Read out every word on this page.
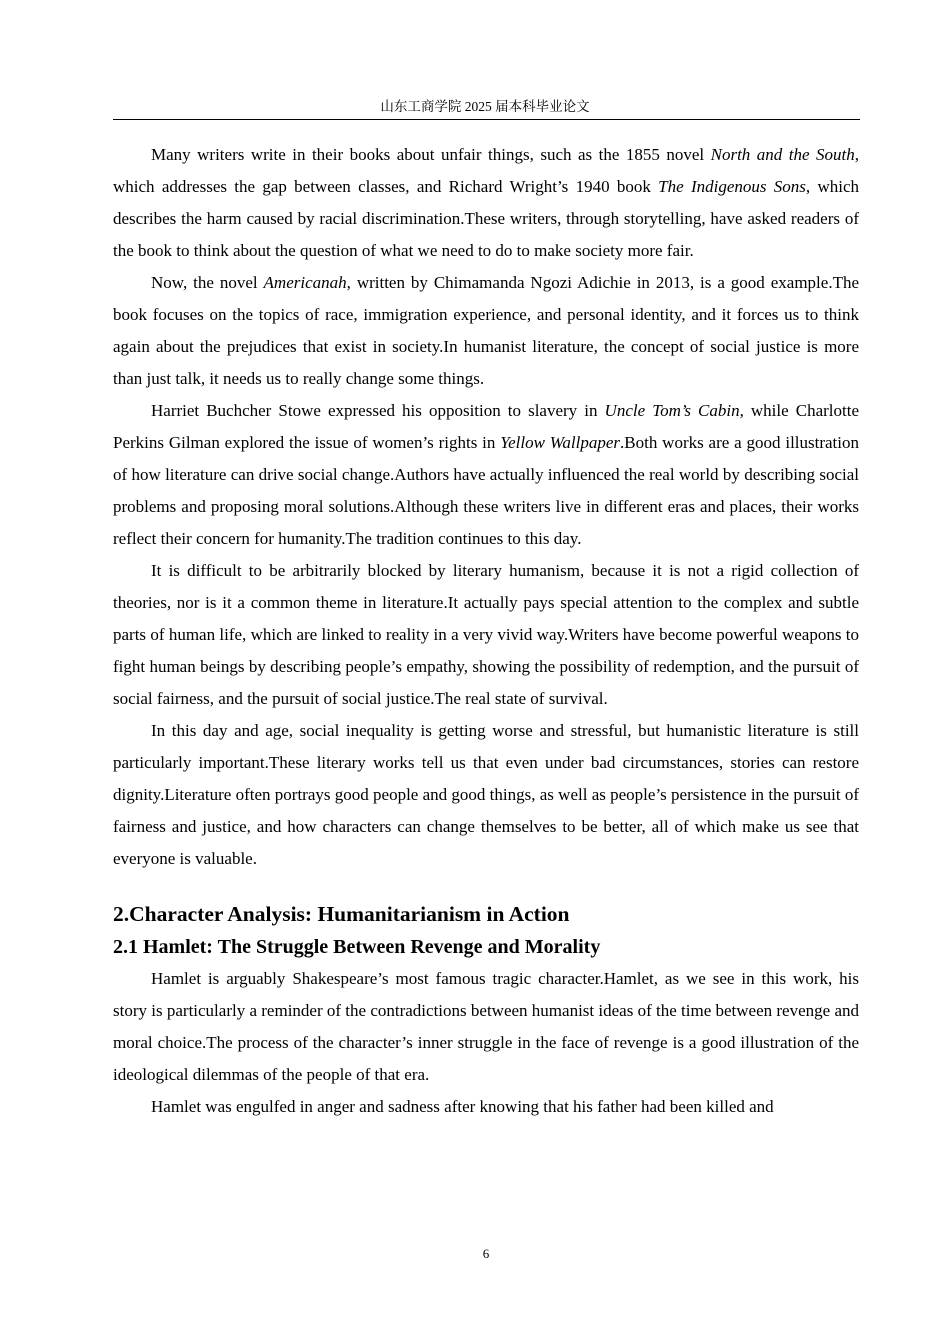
山东工商学院 2025 届本科毕业论文

Many writers write in their books about unfair things, such as the 1855 novel North and the South, which addresses the gap between classes, and Richard Wright’s 1940 book The Indigenous Sons, which describes the harm caused by racial discrimination.These writers, through storytelling, have asked readers of the book to think about the question of what we need to do to make society more fair.

Now, the novel Americanah, written by Chimamanda Ngozi Adichie in 2013, is a good example.The book focuses on the topics of race, immigration experience, and personal identity, and it forces us to think again about the prejudices that exist in society.In humanist literature, the concept of social justice is more than just talk, it needs us to really change some things.

Harriet Buchcher Stowe expressed his opposition to slavery in Uncle Tom’s Cabin, while Charlotte Perkins Gilman explored the issue of women’s rights in Yellow Wallpaper.Both works are a good illustration of how literature can drive social change.Authors have actually influenced the real world by describing social problems and proposing moral solutions.Although these writers live in different eras and places, their works reflect their concern for humanity.The tradition continues to this day.

It is difficult to be arbitrarily blocked by literary humanism, because it is not a rigid collection of theories, nor is it a common theme in literature.It actually pays special attention to the complex and subtle parts of human life, which are linked to reality in a very vivid way.Writers have become powerful weapons to fight human beings by describing people’s empathy, showing the possibility of redemption, and the pursuit of social fairness, and the pursuit of social justice.The real state of survival.

In this day and age, social inequality is getting worse and stressful, but humanistic literature is still particularly important.These literary works tell us that even under bad circumstances, stories can restore dignity.Literature often portrays good people and good things, as well as people’s persistence in the pursuit of fairness and justice, and how characters can change themselves to be better, all of which make us see that everyone is valuable.

2.Character Analysis: Humanitarianism in Action
2.1 Hamlet: The Struggle Between Revenge and Morality

Hamlet is arguably Shakespeare’s most famous tragic character.Hamlet, as we see in this work, his story is particularly a reminder of the contradictions between humanist ideas of the time between revenge and moral choice.The process of the character’s inner struggle in the face of revenge is a good illustration of the ideological dilemmas of the people of that era.

Hamlet was engulfed in anger and sadness after knowing that his father had been killed and

6
